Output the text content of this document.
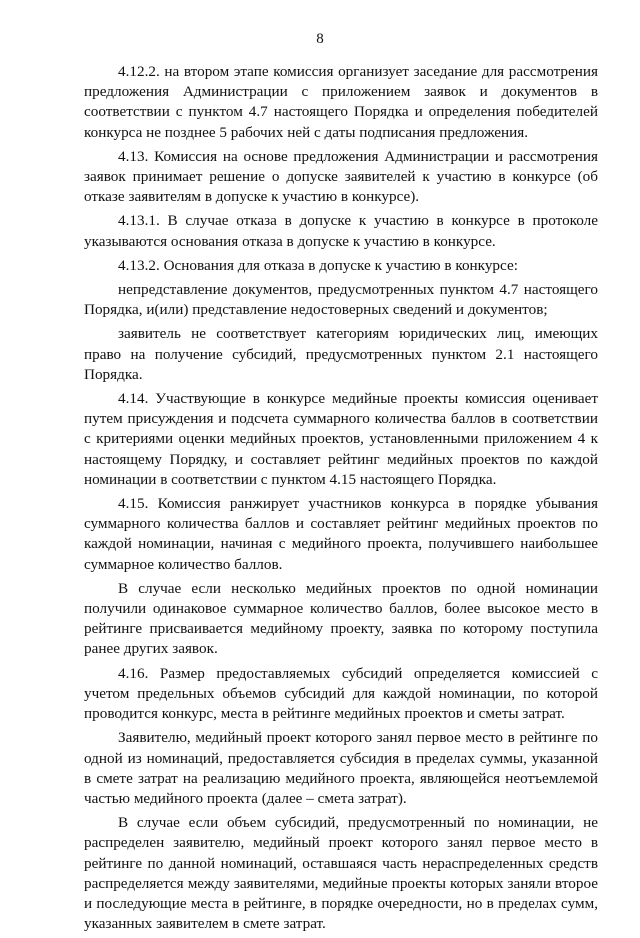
8

4.12.2. на втором этапе комиссия организует заседание для рассмотрения предложения Администрации с приложением заявок и документов в соответствии с пунктом 4.7 настоящего Порядка и определения победителей конкурса не позднее 5 рабочих ней с даты подписания предложения.

4.13. Комиссия на основе предложения Администрации и рассмотрения заявок принимает решение о допуске заявителей к участию в конкурсе (об отказе заявителям в допуске к участию в конкурсе).

4.13.1. В случае отказа в допуске к участию в конкурсе в протоколе указываются основания отказа в допуске к участию в конкурсе.

4.13.2. Основания для отказа в допуске к участию в конкурсе:

непредставление документов, предусмотренных пунктом 4.7 настоящего Порядка, и(или) представление недостоверных сведений и документов;

заявитель не соответствует категориям юридических лиц, имеющих право на получение субсидий, предусмотренных пунктом 2.1 настоящего Порядка.

4.14. Участвующие в конкурсе медийные проекты комиссия оценивает путем присуждения и подсчета суммарного количества баллов в соответствии с критериями оценки медийных проектов, установленными приложением 4 к настоящему Порядку, и составляет рейтинг медийных проектов по каждой номинации в соответствии с пунктом 4.15 настоящего Порядка.

4.15. Комиссия ранжирует участников конкурса в порядке убывания суммарного количества баллов и составляет рейтинг медийных проектов по каждой номинации, начиная с медийного проекта, получившего наибольшее суммарное количество баллов.

В случае если несколько медийных проектов по одной номинации получили одинаковое суммарное количество баллов, более высокое место в рейтинге присваивается медийному проекту, заявка по которому поступила ранее других заявок.

4.16. Размер предоставляемых субсидий определяется комиссией с учетом предельных объемов субсидий для каждой номинации, по которой проводится конкурс, места в рейтинге медийных проектов и сметы затрат.

Заявителю, медийный проект которого занял первое место в рейтинге по одной из номинаций, предоставляется субсидия в пределах суммы, указанной в смете затрат на реализацию медийного проекта, являющейся неотъемлемой частью медийного проекта (далее – смета затрат).

В случае если объем субсидий, предусмотренный по номинации, не распределен заявителю, медийный проект которого занял первое место в рейтинге по данной номинаций, оставшаяся часть нераспределенных средств распределяется между заявителями, медийные проекты которых заняли второе и последующие места в рейтинге, в порядке очередности, но в пределах сумм, указанных заявителем в смете затрат.
